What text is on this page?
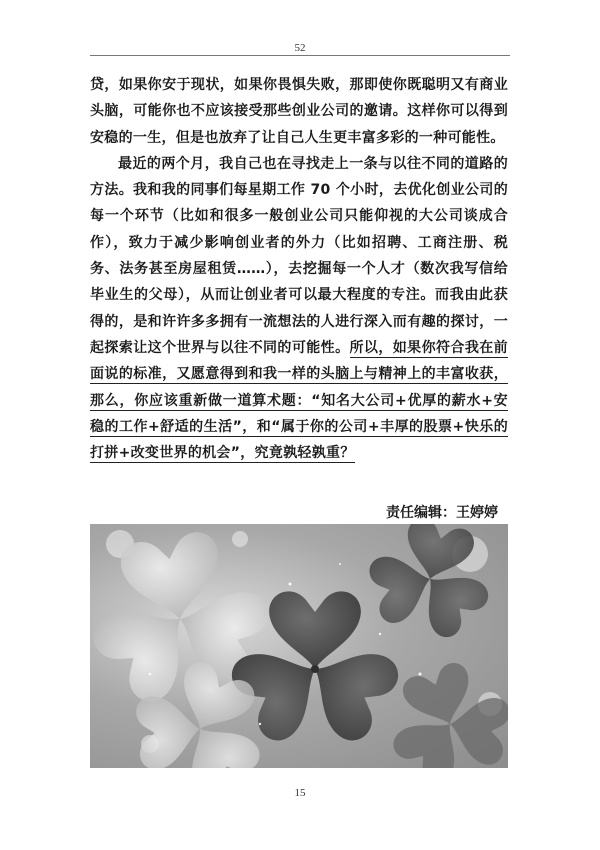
52

贷，如果你安于现状，如果你畏惧失败，那即使你既聪明又有商业头脑，可能你也不应该接受那些创业公司的邀请。这样你可以得到安稳的一生，但是也放弃了让自己人生更丰富多彩的一种可能性。

最近的两个月，我自己也在寻找走上一条与以往不同的道路的方法。我和我的同事们每星期工作 70 个小时，去优化创业公司的每一个环节（比如和很多一般创业公司只能仰视的大公司谈成合作），致力于减少影响创业者的外力（比如招聘、工商注册、税务、法务甚至房屋租赁……），去挖掘每一个人才（数次我写信给毕业生的父母），从而让创业者可以最大程度的专注。而我由此获得的，是和许许多多拥有一流想法的人进行深入而有趣的探讨，一起探索让这个世界与以往不同的可能性。所以，如果你符合我在前面说的标准，又愿意得到和我一样的头脑上与精神上的丰富收获，那么，你应该重新做一道算术题：“知名大公司+优厚的薪水+安稳的工作+舒适的生活”，和“属于你的公司+丰厚的股票+快乐的打拼+改变世界的机会”，究竟孰轻孰重？

责任编辑：王婷婷
15
